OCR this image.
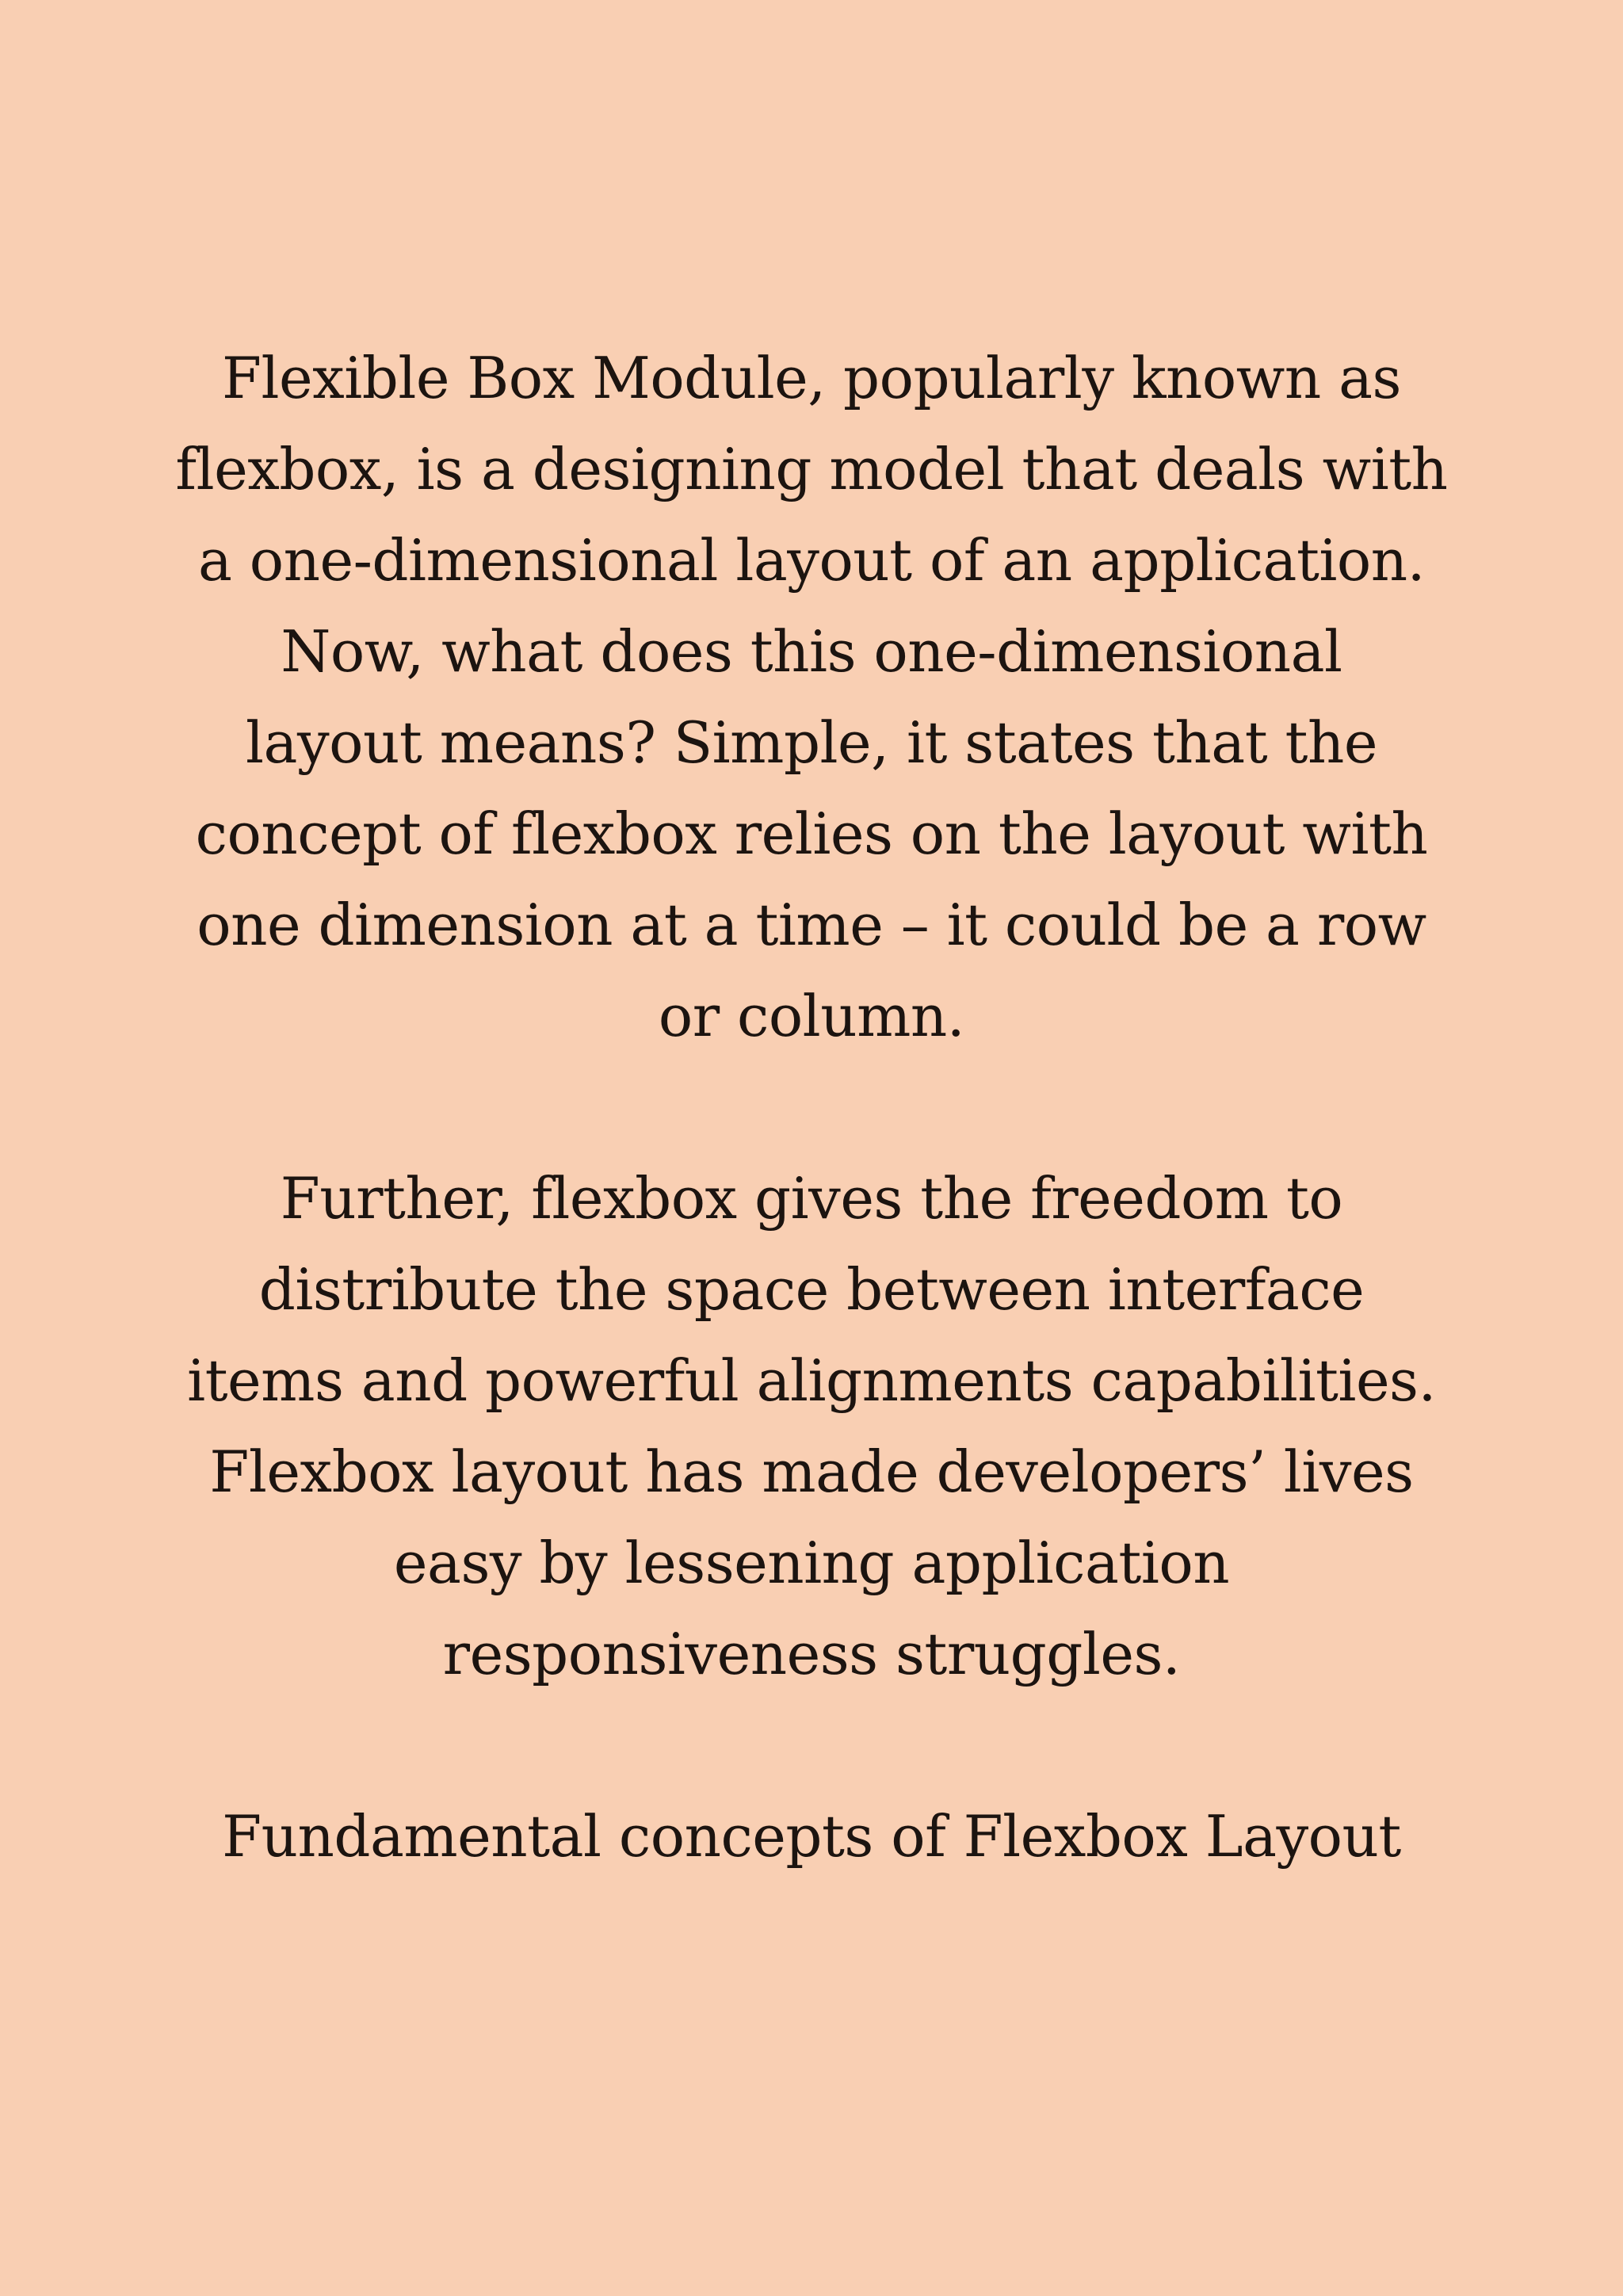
Flexible Box Module, popularly known as
flexbox, is a designing model that deals with
a one-dimensional layout of an application.
Now, what does this one-dimensional
layout means? Simple, it states that the
concept of flexbox relies on the layout with
one dimension at a time – it could be a row
or column.

Further, flexbox gives the freedom to
distribute the space between interface
items and powerful alignments capabilities.
Flexbox layout has made developers’ lives
easy by lessening application
responsiveness struggles.

Fundamental concepts of Flexbox Layout
